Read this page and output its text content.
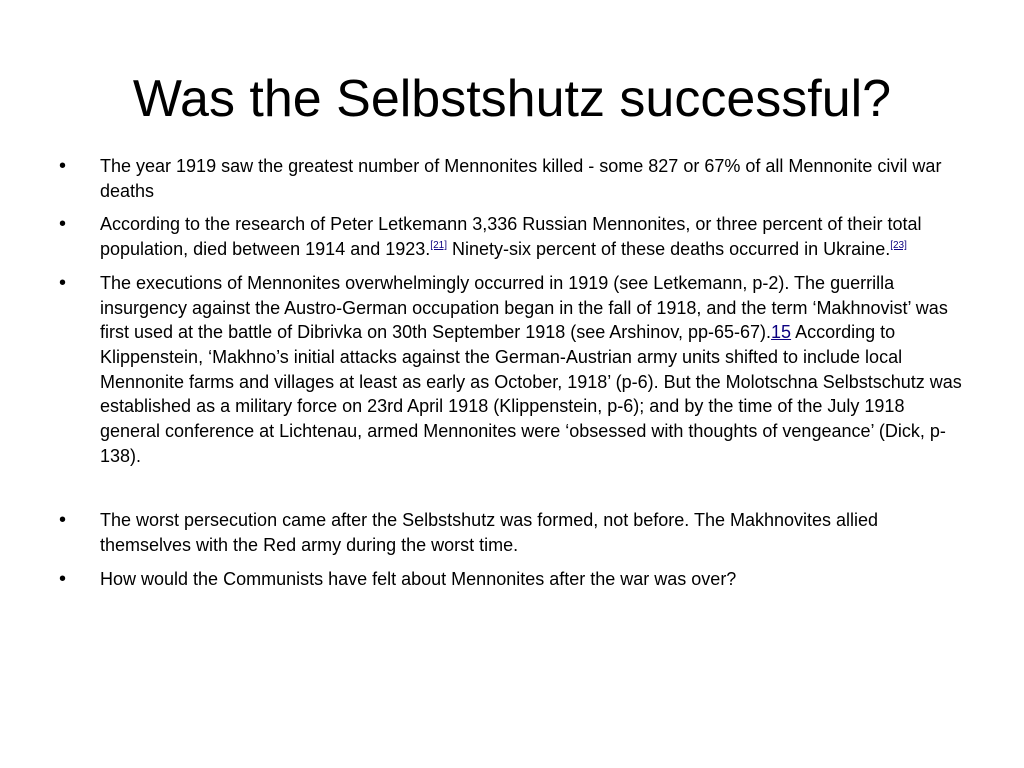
Was the Selbstshutz successful?
• The year 1919 saw the greatest number of Mennonites killed - some 827 or 67% of all Mennonite civil war deaths
• According to the research of Peter Letkemann 3,336 Russian Mennonites, or three percent of their total population, died between 1914 and 1923.[21] Ninety-six percent of these deaths occurred in Ukraine.[23]
• The executions of Mennonites overwhelmingly occurred in 1919 (see Letkemann, p-2). The guerrilla insurgency against the Austro-German occupation began in the fall of 1918, and the term ‘Makhnovist’ was first used at the battle of Dibrivka on 30th September 1918 (see Arshinov, pp-65-67).15 According to Klippenstein, ‘Makhno’s initial attacks against the German-Austrian army units shifted to include local Mennonite farms and villages at least as early as October, 1918’ (p-6). But the Molotschna Selbstschutz was established as a military force on 23rd April 1918 (Klippenstein, p-6); and by the time of the July 1918 general conference at Lichtenau, armed Mennonites were ‘obsessed with thoughts of vengeance’ (Dick, p-138).
• The worst persecution came after the Selbstshutz was formed, not before. The Makhnovites allied themselves with the Red army during the worst time.
• How would the Communists have felt about Mennonites after the war was over?
